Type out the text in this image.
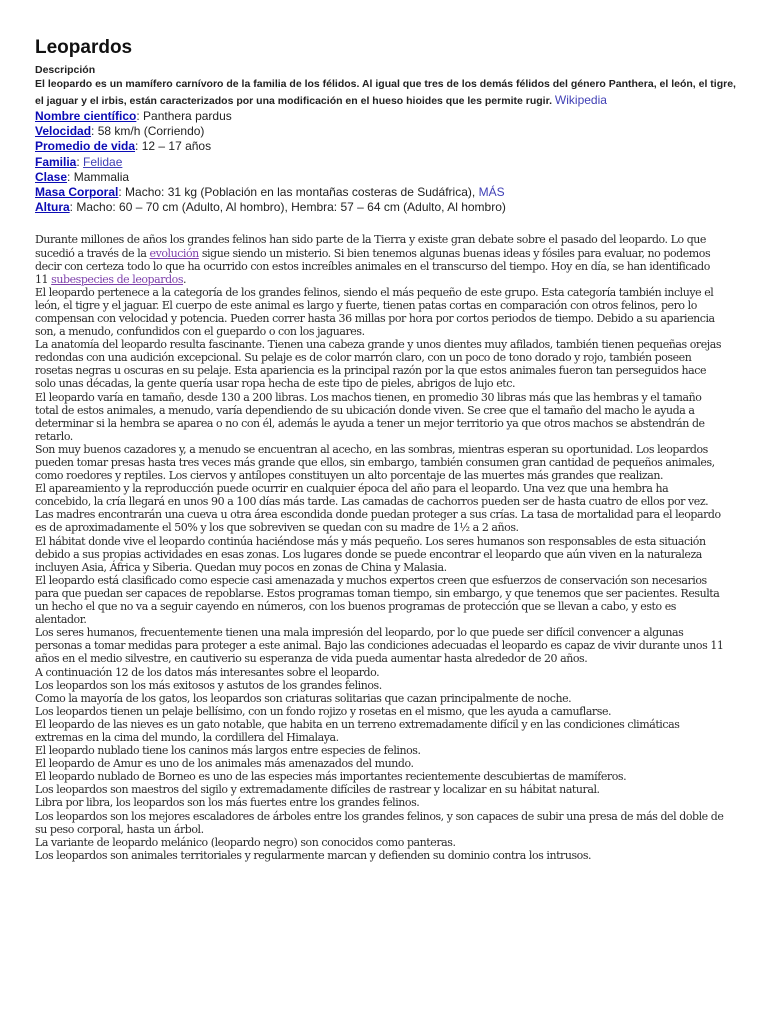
Leopardos
Descripción
El leopardo es un mamífero carnívoro de la familia de los félidos. Al igual que tres de los demás félidos del género Panthera, el león, el tigre, el jaguar y el irbis, están caracterizados por una modificación en el hueso hioides que les permite rugir. Wikipedia
Nombre científico: Panthera pardus
Velocidad: 58 km/h (Corriendo)
Promedio de vida: 12 – 17 años
Familia: Felidae
Clase: Mammalia
Masa Corporal: Macho: 31 kg (Población en las montañas costeras de Sudáfrica), MÁS
Altura: Macho: 60 – 70 cm (Adulto, Al hombro), Hembra: 57 – 64 cm (Adulto, Al hombro)

Durante millones de años los grandes felinos han sido parte de la Tierra y existe gran debate sobre el pasado del leopardo. Lo que sucedió a través de la evolución sigue siendo un misterio. Si bien tenemos algunas buenas ideas y fósiles para evaluar, no podemos decir con certeza todo lo que ha ocurrido con estos increíbles animales en el transcurso del tiempo. Hoy en día, se han identificado 11 subespecies de leopardos.

El leopardo pertenece a la categoría de los grandes felinos, siendo el más pequeño de este grupo. Esta categoría también incluye el león, el tigre y el jaguar. El cuerpo de este animal es largo y fuerte, tienen patas cortas en comparación con otros felinos, pero lo compensan con velocidad y potencia. Pueden correr hasta 36 millas por hora por cortos periodos de tiempo. Debido a su apariencia son, a menudo, confundidos con el guepardo o con los jaguares.

La anatomía del leopardo resulta fascinante. Tienen una cabeza grande y unos dientes muy afilados, también tienen pequeñas orejas redondas con una audición excepcional. Su pelaje es de color marrón claro, con un poco de tono dorado y rojo, también poseen rosetas negras u oscuras en su pelaje. Esta apariencia es la principal razón por la que estos animales fueron tan perseguidos hace solo unas décadas, la gente quería usar ropa hecha de este tipo de pieles, abrigos de lujo etc.

El leopardo varía en tamaño, desde 130 a 200 libras. Los machos tienen, en promedio 30 libras más que las hembras y el tamaño total de estos animales, a menudo, varía dependiendo de su ubicación donde viven. Se cree que el tamaño del macho le ayuda a determinar si la hembra se aparea o no con él, además le ayuda a tener un mejor territorio ya que otros machos se abstendrán de retarlo.

Son muy buenos cazadores y, a menudo se encuentran al acecho, en las sombras, mientras esperan su oportunidad. Los leopardos pueden tomar presas hasta tres veces más grande que ellos, sin embargo, también consumen gran cantidad de pequeños animales, como roedores y reptiles. Los ciervos y antílopes constituyen un alto porcentaje de las muertes más grandes que realizan.

El apareamiento y la reproducción puede ocurrir en cualquier época del año para el leopardo. Una vez que una hembra ha concebido, la cría llegará en unos 90 a 100 días más tarde. Las camadas de cachorros pueden ser de hasta cuatro de ellos por vez. Las madres encontrarán una cueva u otra área escondida donde puedan proteger a sus crías. La tasa de mortalidad para el leopardo es de aproximadamente el 50% y los que sobreviven se quedan con su madre de 1½ a 2 años.

El hábitat donde vive el leopardo continúa haciéndose más y más pequeño. Los seres humanos son responsables de esta situación debido a sus propias actividades en esas zonas. Los lugares donde se puede encontrar el leopardo que aún viven en la naturaleza incluyen Asia, África y Siberia. Quedan muy pocos en zonas de China y Malasia.

El leopardo está clasificado como especie casi amenazada y muchos expertos creen que esfuerzos de conservación son necesarios para que puedan ser capaces de repoblarse. Estos programas toman tiempo, sin embargo, y que tenemos que ser pacientes. Resulta un hecho el que no va a seguir cayendo en números, con los buenos programas de protección que se llevan a cabo, y esto es alentador.

Los seres humanos, frecuentemente tienen una mala impresión del leopardo, por lo que puede ser difícil convencer a algunas personas a tomar medidas para proteger a este animal. Bajo las condiciones adecuadas el leopardo es capaz de vivir durante unos 11 años en el medio silvestre, en cautiverio su esperanza de vida pueda aumentar hasta alrededor de 20 años.

A continuación 12 de los datos más interesantes sobre el leopardo.

Los leopardos son los más exitosos y astutos de los grandes felinos.

Como la mayoría de los gatos, los leopardos son criaturas solitarias que cazan principalmente de noche.

Los leopardos tienen un pelaje bellísimo, con un fondo rojizo y rosetas en el mismo, que les ayuda a camuflarse.

El leopardo de las nieves es un gato notable, que habita en un terreno extremadamente difícil y en las condiciones climáticas extremas en la cima del mundo, la cordillera del Himalaya.

El leopardo nublado tiene los caninos más largos entre especies de felinos.

El leopardo de Amur es uno de los animales más amenazados del mundo.

El leopardo nublado de Borneo es uno de las especies más importantes recientemente descubiertas de mamíferos.

Los leopardos son maestros del sigilo y extremadamente difíciles de rastrear y localizar en su hábitat natural.

Libra por libra, los leopardos son los más fuertes entre los grandes felinos.

Los leopardos son los mejores escaladores de árboles entre los grandes felinos, y son capaces de subir una presa de más del doble de su peso corporal, hasta un árbol.

La variante de leopardo melánico (leopardo negro) son conocidos como panteras.

Los leopardos son animales territoriales y regularmente marcan y defienden su dominio contra los intrusos.
